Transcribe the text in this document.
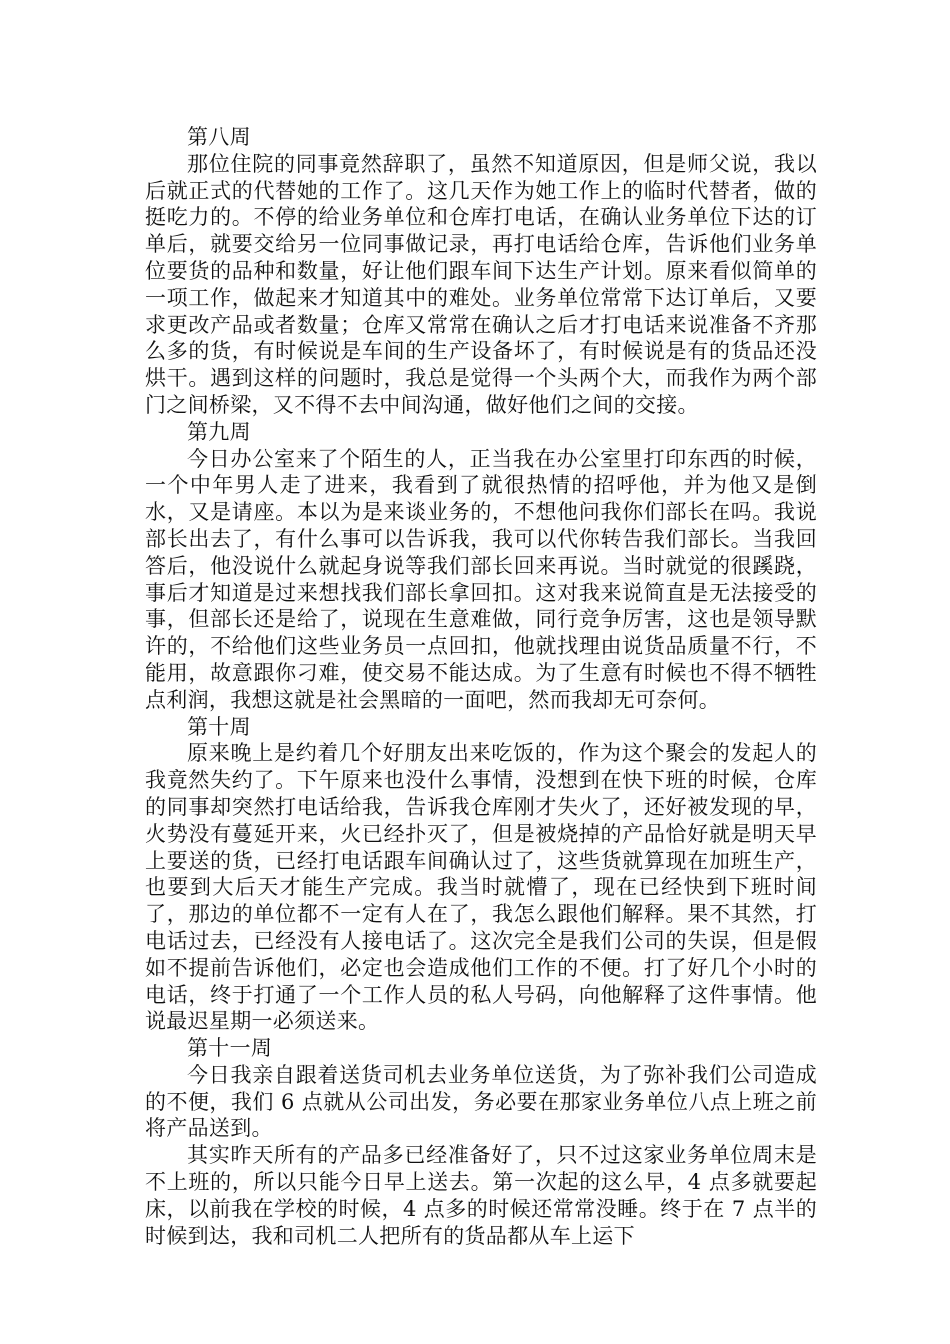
第八周

那位住院的同事竟然辞职了，虽然不知道原因，但是师父说，我以后就正式的代替她的工作了。这几天作为她工作上的临时代替者，做的挺吃力的。不停的给业务单位和仓库打电话，在确认业务单位下达的订单后，就要交给另一位同事做记录，再打电话给仓库，告诉他们业务单位要货的品种和数量，好让他们跟车间下达生产计划。原来看似简单的一项工作，做起来才知道其中的难处。业务单位常常下达订单后，又要求更改产品或者数量；仓库又常常在确认之后才打电话来说准备不齐那么多的货，有时候说是车间的生产设备坏了，有时候说是有的货品还没烘干。遇到这样的问题时，我总是觉得一个头两个大，而我作为两个部门之间桥梁，又不得不去中间沟通，做好他们之间的交接。

第九周

今日办公室来了个陌生的人，正当我在办公室里打印东西的时候，一个中年男人走了进来，我看到了就很热情的招呼他，并为他又是倒水，又是请座。本以为是来谈业务的，不想他问我你们部长在吗。我说部长出去了，有什么事可以告诉我，我可以代你转告我们部长。当我回答后，他没说什么就起身说等我们部长回来再说。当时就觉的很蹊跷，事后才知道是过来想找我们部长拿回扣。这对我来说简直是无法接受的事，但部长还是给了，说现在生意难做，同行竞争厉害，这也是领导默许的，不给他们这些业务员一点回扣，他就找理由说货品质量不行，不能用，故意跟你刁难，使交易不能达成。为了生意有时候也不得不牺牲点利润，我想这就是社会黑暗的一面吧，然而我却无可奈何。

第十周

原来晚上是约着几个好朋友出来吃饭的，作为这个聚会的发起人的我竟然失约了。下午原来也没什么事情，没想到在快下班的时候，仓库的同事却突然打电话给我，告诉我仓库刚才失火了，还好被发现的早，火势没有蔓延开来，火已经扑灭了，但是被烧掉的产品恰好就是明天早上要送的货，已经打电话跟车间确认过了，这些货就算现在加班生产，也要到大后天才能生产完成。我当时就懵了，现在已经快到下班时间了，那边的单位都不一定有人在了，我怎么跟他们解释。果不其然，打电话过去，已经没有人接电话了。这次完全是我们公司的失误，但是假如不提前告诉他们，必定也会造成他们工作的不便。打了好几个小时的电话，终于打通了一个工作人员的私人号码，向他解释了这件事情。他说最迟星期一必须送来。

第十一周

今日我亲自跟着送货司机去业务单位送货，为了弥补我们公司造成的不便，我们 6 点就从公司出发，务必要在那家业务单位八点上班之前将产品送到。

其实昨天所有的产品多已经准备好了，只不过这家业务单位周末是不上班的，所以只能今日早上送去。第一次起的这么早，4 点多就要起床，以前我在学校的时候，4 点多的时候还常常没睡。终于在 7 点半的时候到达，我和司机二人把所有的货品都从车上运下
